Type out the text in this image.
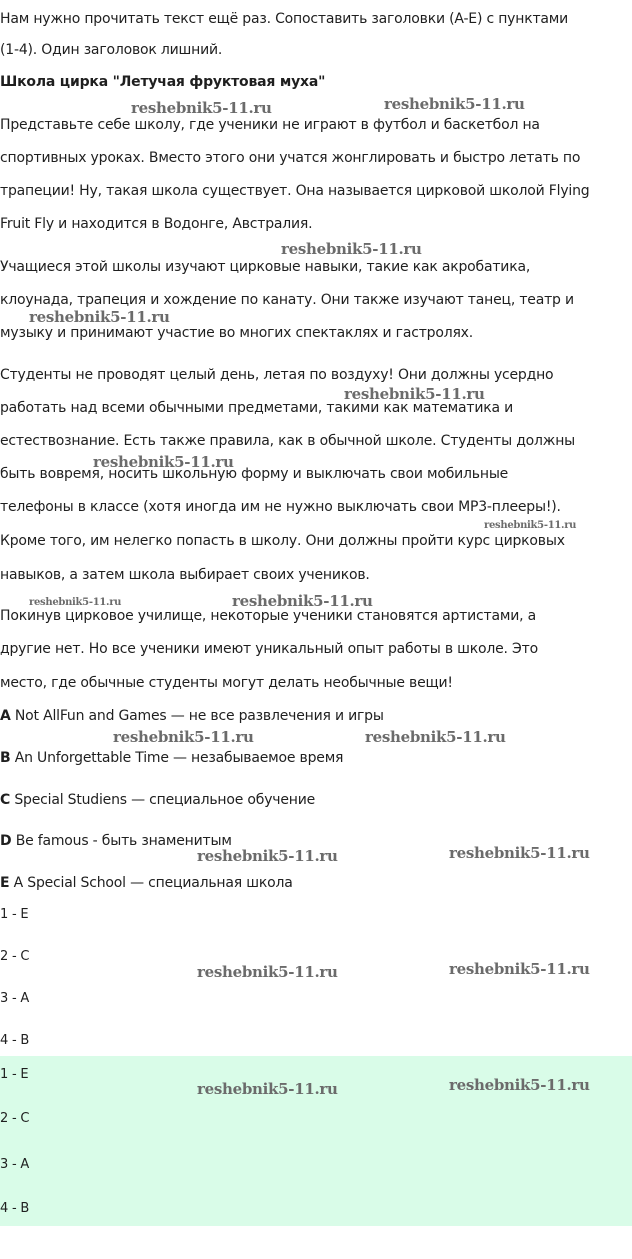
Нам нужно прочитать текст ещё раз. Сопоставить заголовки (A-E) с пунктами

(1-4). Один заголовок лишний.

Школа цирка "Летучая фруктовая муха"

Представьте себе школу, где ученики не играют в футбол и баскетбол на

спортивных уроках. Вместо этого они учатся жонглировать и быстро летать по

трапеции! Ну, такая школа существует. Она называется цирковой школой Flying

Fruit Fly и находится в Водонге, Австралия.

Учащиеся этой школы изучают цирковые навыки, такие как акробатика,

клоунада, трапеция и хождение по канату. Они также изучают танец, театр и

музыку и принимают участие во многих спектаклях и гастролях.

Студенты не проводят целый день, летая по воздуху! Они должны усердно

работать над всеми обычными предметами, такими как математика и

естествознание. Есть также правила, как в обычной школе. Студенты должны

быть вовремя, носить школьную форму и выключать свои мобильные

телефоны в классе (хотя иногда им не нужно выключать свои MP3-плееры!).

Кроме того, им нелегко попасть в школу. Они должны пройти курс цирковых

навыков, а затем школа выбирает своих учеников.

Покинув цирковое училище, некоторые ученики становятся артистами, а

другие нет. Но все ученики имеют уникальный опыт работы в школе. Это

место, где обычные студенты могут делать необычные вещи!

A Not AllFun and Games — не все развлечения и игры

B An Unforgettable Time — незабываемое время

C Special Studiens — специальное обучение

D Be famous - быть знаменитым

E A Special School — специальная школа

1 - E

2 - C

3 - A

4 - B

1 - E

2 - C

3 - A

4 - B

reshebnik5-11.ru	reshebnik5-11.ru
reshebnik5-11.ru
reshebnik5-11.ru
reshebnik5-11.ru
reshebnik5-11.ru
reshebnik5-11.ru
reshebnik5-11.ru	reshebnik5-11.ru
reshebnik5-11.ru	reshebnik5-11.ru
reshebnik5-11.ru	reshebnik5-11.ru
reshebnik5-11.ru	reshebnik5-11.ru
reshebnik5-11.ru	reshebnik5-11.ru
